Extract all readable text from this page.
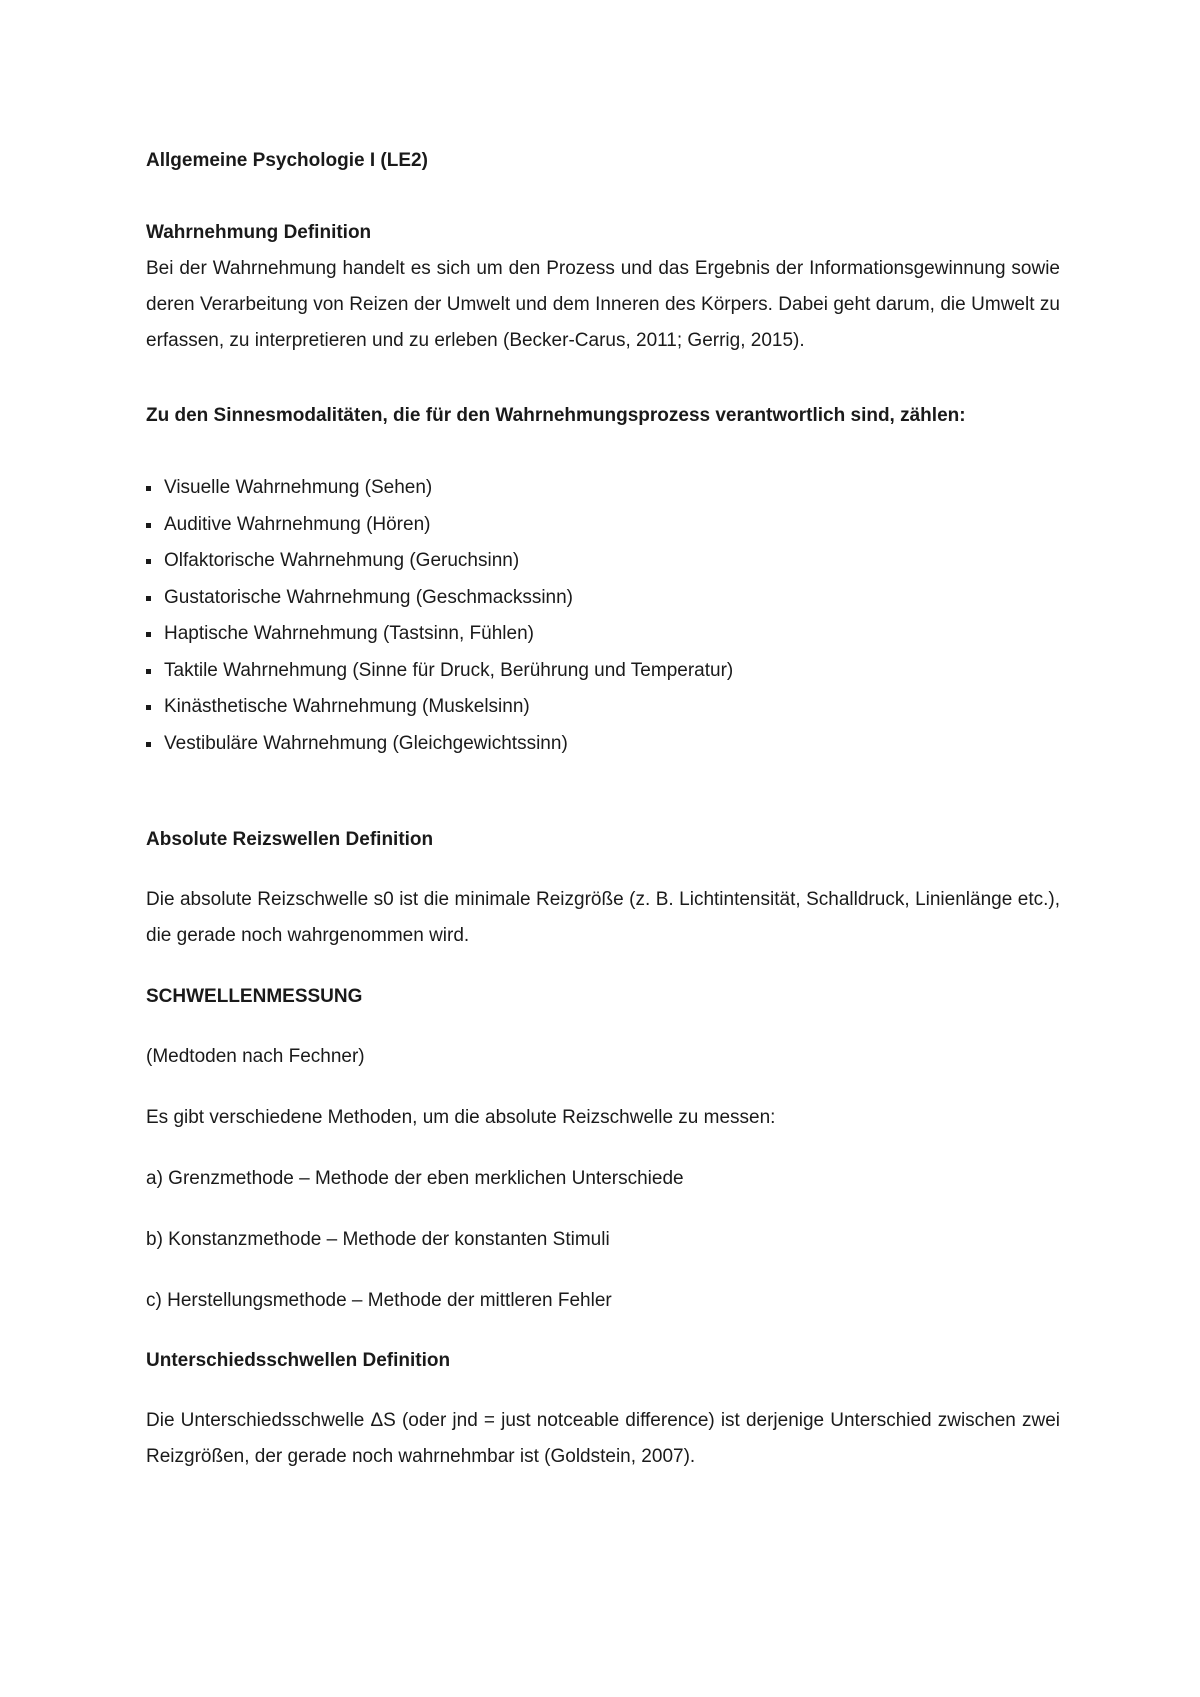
Allgemeine Psychologie I (LE2)

Wahrnehmung Definition

Bei der Wahrnehmung handelt es sich um den Prozess und das Ergebnis der Informationsgewinnung sowie deren Verarbeitung von Reizen der Umwelt und dem Inneren des Körpers. Dabei geht darum, die Umwelt zu erfassen, zu interpretieren und zu erleben (Becker-Carus, 2011; Gerrig, 2015).

Zu den Sinnesmodalitäten, die für den Wahrnehmungsprozess verantwortlich sind, zählen:

Visuelle Wahrnehmung (Sehen)
Auditive Wahrnehmung (Hören)
Olfaktorische Wahrnehmung (Geruchsinn)
Gustatorische Wahrnehmung (Geschmackssinn)
Haptische Wahrnehmung (Tastsinn, Fühlen)
Taktile Wahrnehmung (Sinne für Druck, Berührung und Temperatur)
Kinästhetische Wahrnehmung (Muskelsinn)
Vestibuläre Wahrnehmung (Gleichgewichtssinn)

Absolute Reizswellen Definition

Die absolute Reizschwelle s0 ist die minimale Reizgröße (z. B. Lichtintensität, Schalldruck, Linienlänge etc.), die gerade noch wahrgenommen wird.

SCHWELLENMESSUNG

(Medtoden nach Fechner)

Es gibt verschiedene Methoden, um die absolute Reizschwelle zu messen:

a) Grenzmethode – Methode der eben merklichen Unterschiede

b) Konstanzmethode – Methode der konstanten Stimuli

c) Herstellungsmethode – Methode der mittleren Fehler

Unterschiedsschwellen Definition

Die Unterschiedsschwelle ΔS (oder jnd = just notceable difference) ist derjenige Unterschied zwischen zwei Reizgrößen, der gerade noch wahrnehmbar ist (Goldstein, 2007).
